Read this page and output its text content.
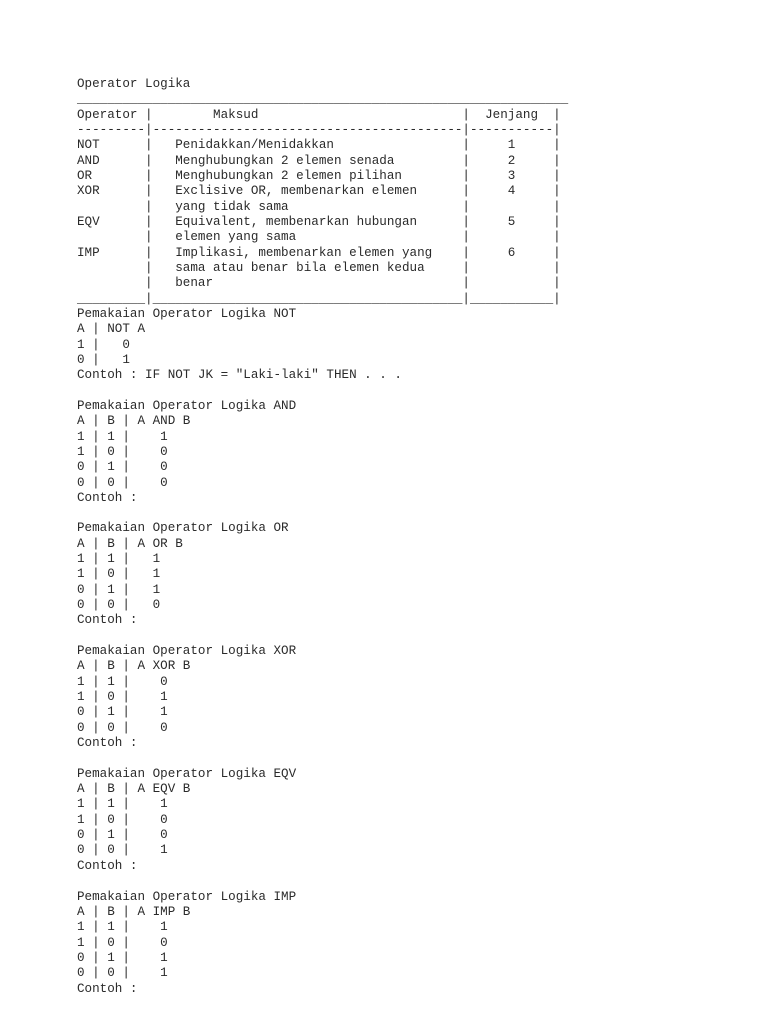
Operator Logika
_________________________________________________________________
Operator |        Maksud                           |  Jenjang  |
---------|-----------------------------------------|-----------|
NOT      |   Penidakkan/Menidakkan                 |     1     |
AND      |   Menghubungkan 2 elemen senada         |     2     |
OR       |   Menghubungkan 2 elemen pilihan        |     3     |
XOR      |   Exclisive OR, membenarkan elemen      |     4     |
|   yang tidak sama                       |           |
EQV      |   Equivalent, membenarkan hubungan      |     5     |
|   elemen yang sama                      |           |
IMP      |   Implikasi, membenarkan elemen yang    |     6     |
|   sama atau benar bila elemen kedua     |           |
|   benar                                 |           |
_________|_________________________________________|___________|
Pemakaian Operator Logika NOT
A | NOT A
1 |   0
0 |   1
Contoh : IF NOT JK = "Laki-laki" THEN . . .
Pemakaian Operator Logika AND
A | B | A AND B
1 | 1 |    1
1 | 0 |    0
0 | 1 |    0
0 | 0 |    0
Contoh :
Pemakaian Operator Logika OR
A | B | A OR B
1 | 1 |   1
1 | 0 |   1
0 | 1 |   1
0 | 0 |   0
Contoh :
Pemakaian Operator Logika XOR
A | B | A XOR B
1 | 1 |    0
1 | 0 |    1
0 | 1 |    1
0 | 0 |    0
Contoh :
Pemakaian Operator Logika EQV
A | B | A EQV B
1 | 1 |    1
1 | 0 |    0
0 | 1 |    0
0 | 0 |    1
Contoh :
Pemakaian Operator Logika IMP
A | B | A IMP B
1 | 1 |    1
1 | 0 |    0
0 | 1 |    1
0 | 0 |    1
Contoh :
